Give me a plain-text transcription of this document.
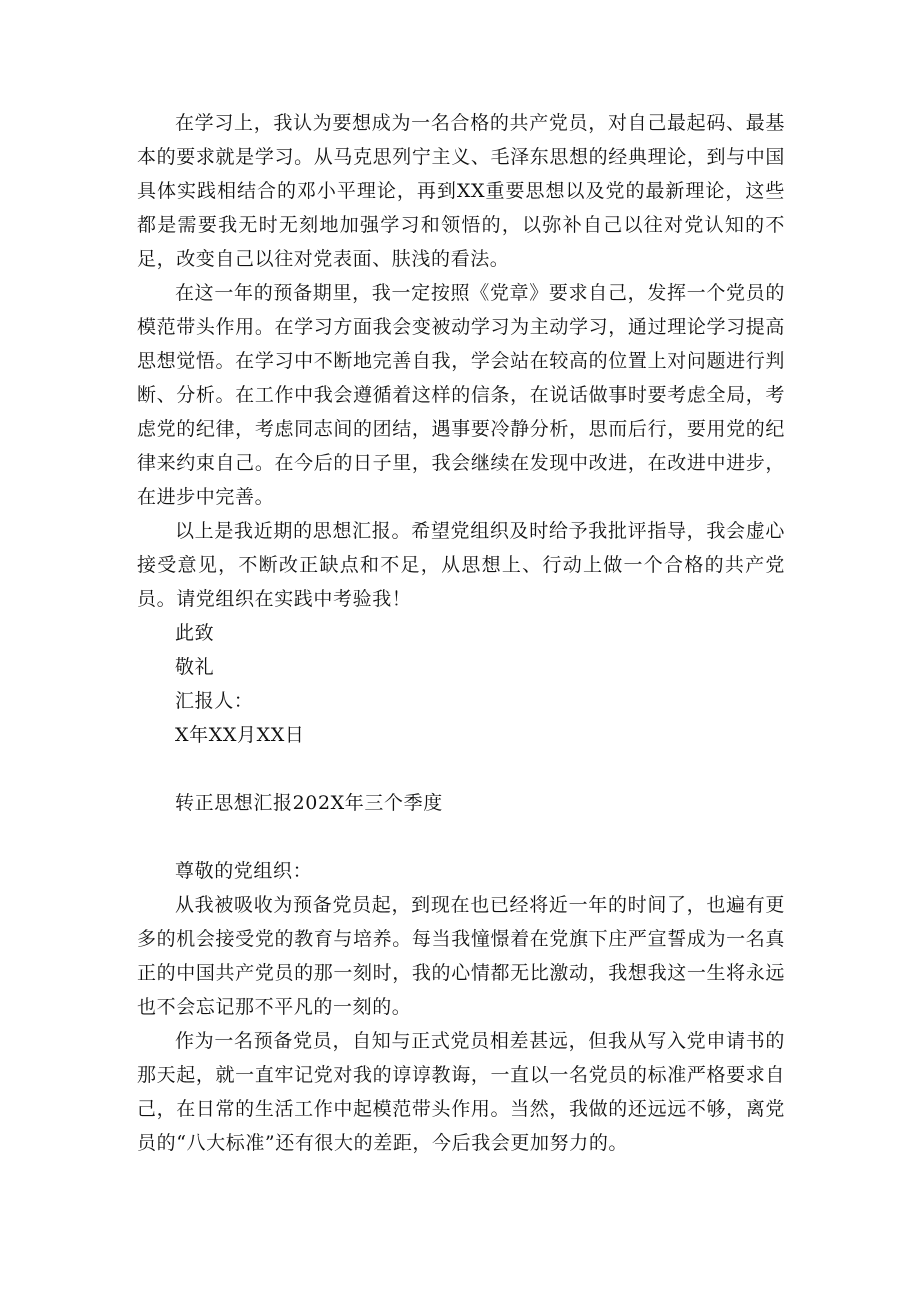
在学习上，我认为要想成为一名合格的共产党员，对自己最起码、最基本的要求就是学习。从马克思列宁主义、毛泽东思想的经典理论，到与中国具体实践相结合的邓小平理论，再到XX重要思想以及党的最新理论，这些都是需要我无时无刻地加强学习和领悟的，以弥补自己以往对党认知的不足，改变自己以往对党表面、肤浅的看法。

在这一年的预备期里，我一定按照《党章》要求自己，发挥一个党员的模范带头作用。在学习方面我会变被动学习为主动学习，通过理论学习提高思想觉悟。在学习中不断地完善自我，学会站在较高的位置上对问题进行判断、分析。在工作中我会遵循着这样的信条，在说话做事时要考虑全局，考虑党的纪律，考虑同志间的团结，遇事要冷静分析，思而后行，要用党的纪律来约束自己。在今后的日子里，我会继续在发现中改进，在改进中进步，在进步中完善。

以上是我近期的思想汇报。希望党组织及时给予我批评指导，我会虚心接受意见，不断改正缺点和不足，从思想上、行动上做一个合格的共产党员。请党组织在实践中考验我！

此致

敬礼

汇报人：

X年XX月XX日

转正思想汇报202X年三个季度

尊敬的党组织：

从我被吸收为预备党员起，到现在也已经将近一年的时间了，也遍有更多的机会接受党的教育与培养。每当我憧憬着在党旗下庄严宣誓成为一名真正的中国共产党员的那一刻时，我的心情都无比激动，我想我这一生将永远也不会忘记那不平凡的一刻的。

作为一名预备党员，自知与正式党员相差甚远，但我从写入党申请书的那天起，就一直牢记党对我的谆谆教诲，一直以一名党员的标准严格要求自己，在日常的生活工作中起模范带头作用。当然，我做的还远远不够，离党员的“八大标准”还有很大的差距，今后我会更加努力的。
